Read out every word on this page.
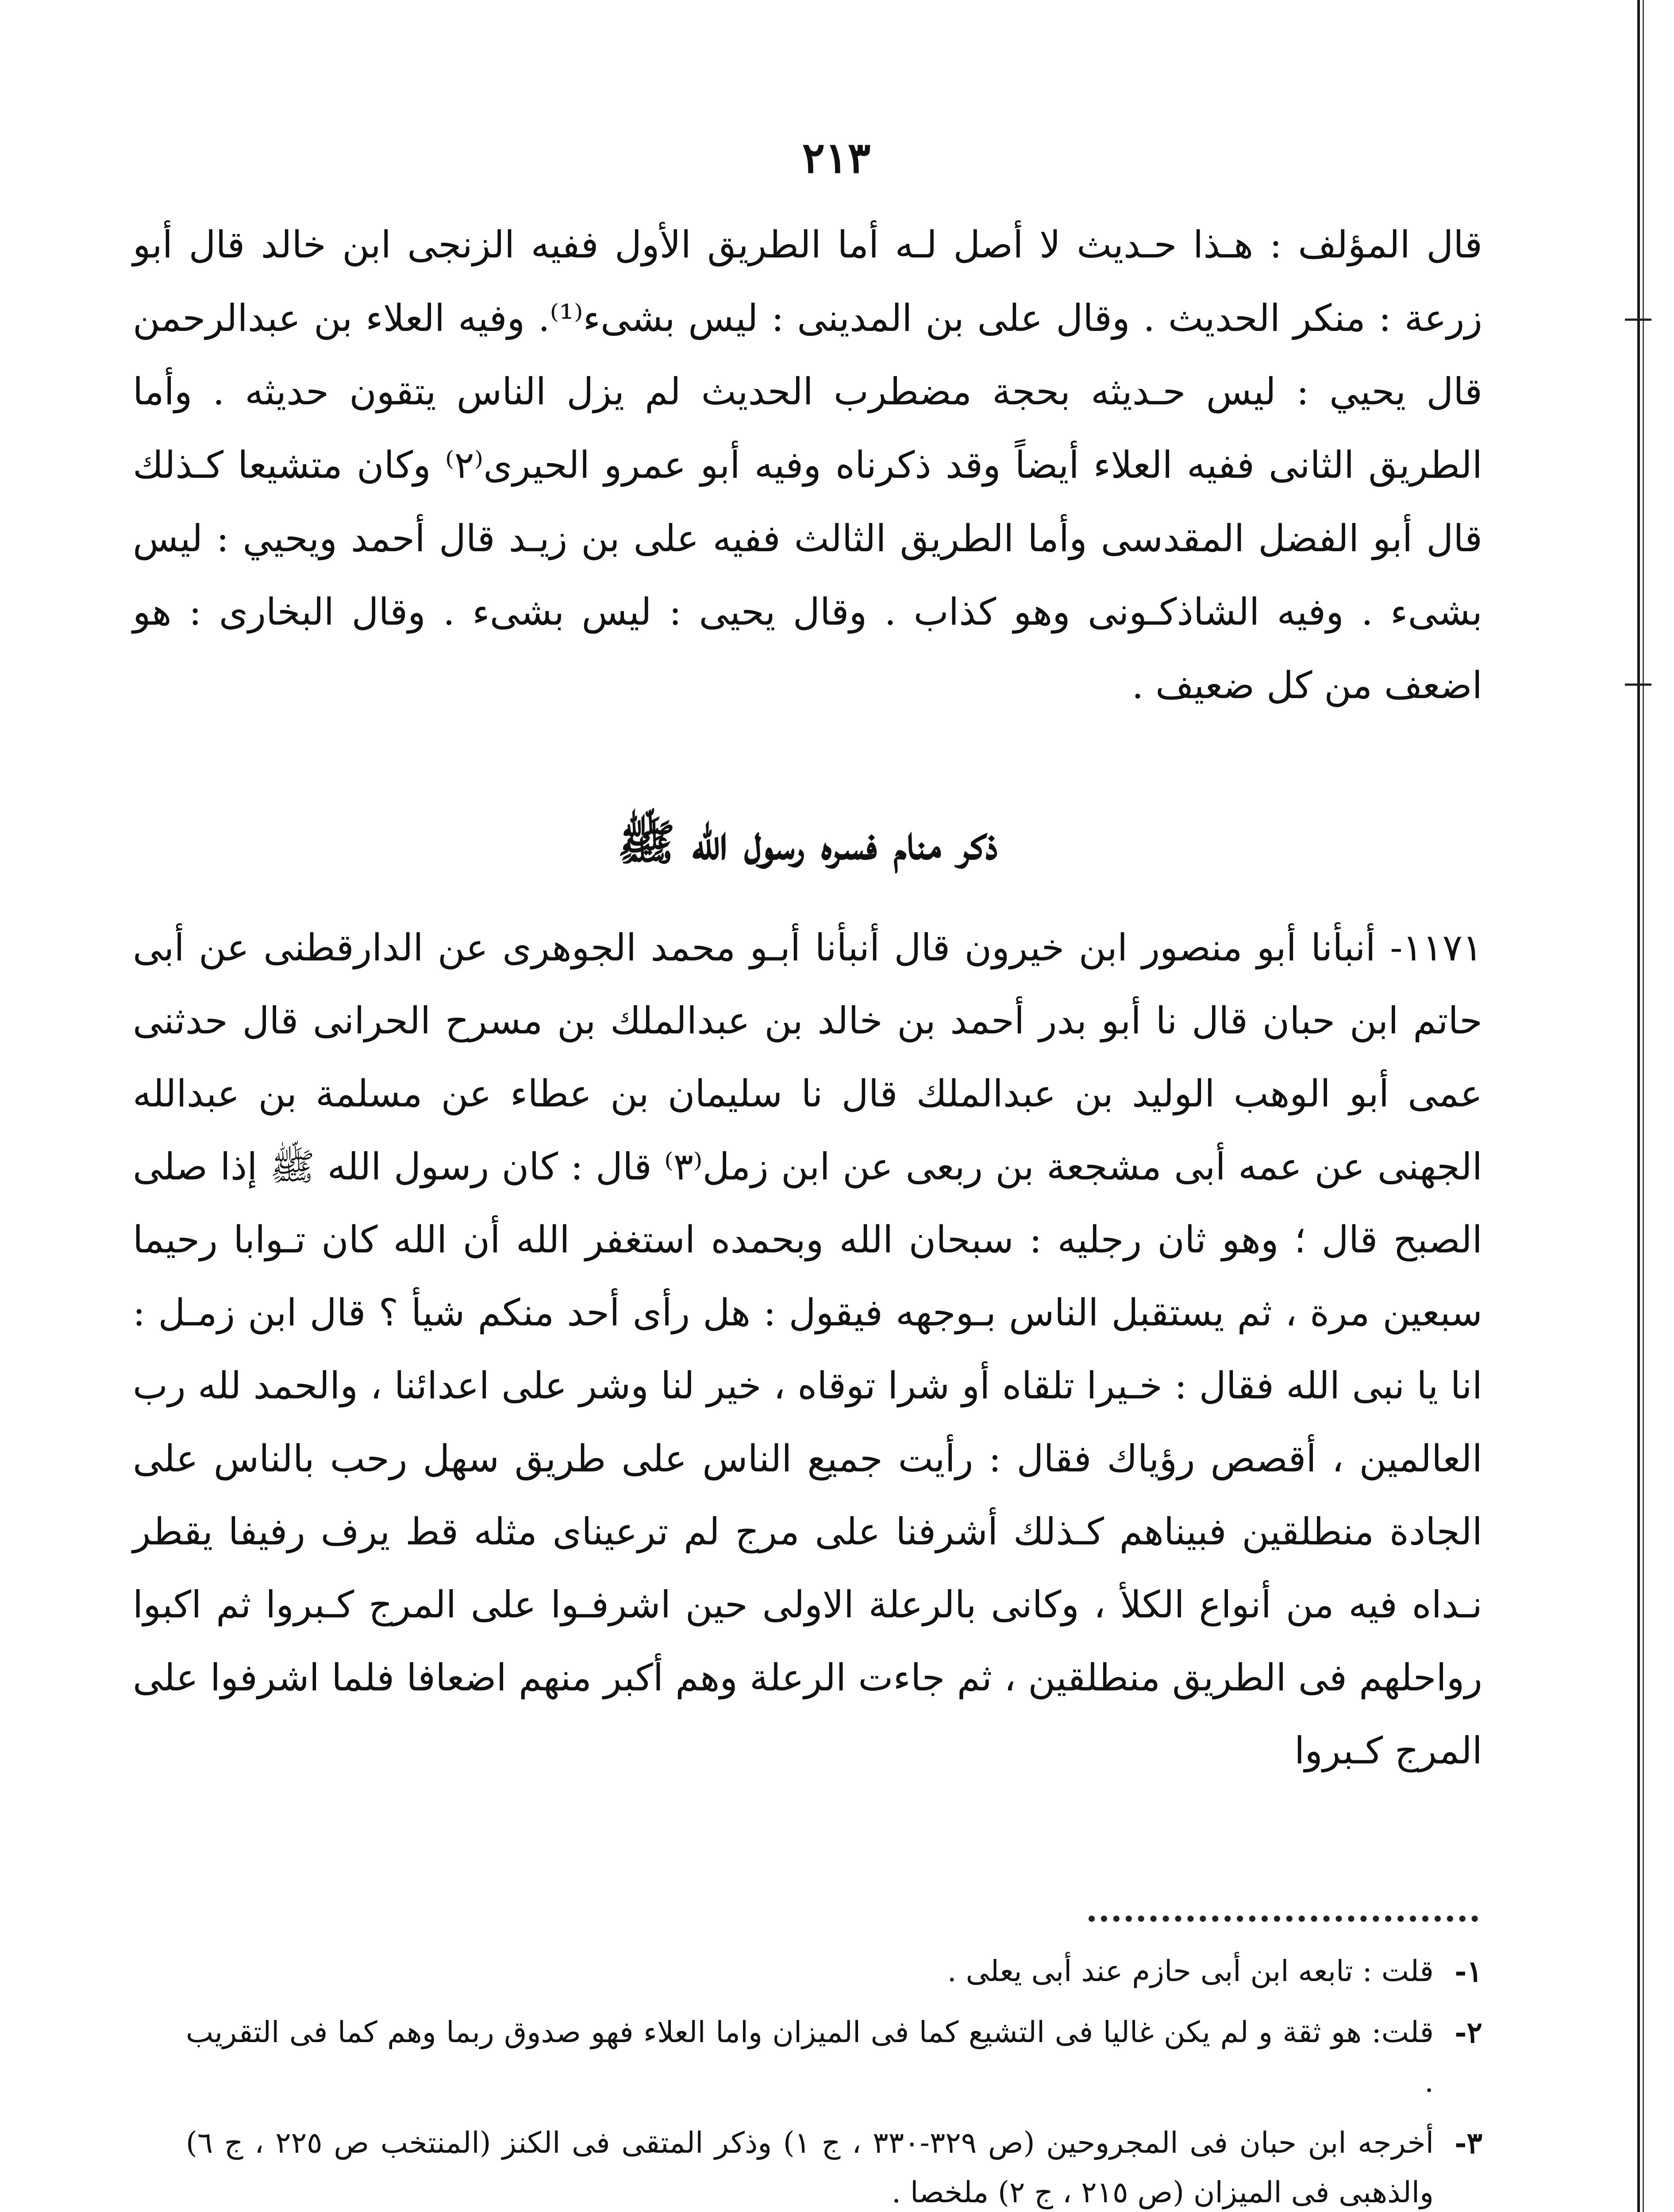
٢١٣

قال المؤلف : هـذا حـديث لا أصل لـه أما الطريق الأول ففيه الزنجى ابن خالد قال أبو زرعة : منكر الحديث . وقال على بن المدينى : ليس بشىء⁽¹⁾. وفيه العلاء بن عبدالرحمن قال يحيي : ليس حـديثه بحجة مضطرب الحديث لم يزل الناس يتقون حديثه . وأما الطريق الثانى ففيه العلاء أيضاً وقد ذكرناه وفيه أبو عمرو الحيرى⁽٢⁾ وكان متشيعا كـذلك قال أبو الفضل المقدسى وأما الطريق الثالث ففيه على بن زيـد قال أحمد ويحيي : ليس بشىء . وفيه الشاذكـونى وهو كذاب . وقال يحيى : ليس بشىء . وقال البخارى : هو اضعف من كل ضعيف .

ذكر منام فسره رسول الله ﷺ

١١٧١- أنبأنا أبو منصور ابن خيرون قال أنبأنا أبـو محمد الجوهرى عن الدارقطنى عن أبى حاتم ابن حبان قال نا أبو بدر أحمد بن خالد بن عبدالملك بن مسرح الحرانى قال حدثنى عمى أبو الوهب الوليد بن عبدالملك قال نا سليمان بن عطاء عن مسلمة بن عبدالله الجهنى عن عمه أبى مشجعة بن ربعى عن ابن زمل⁽٣⁾ قال : كان رسول الله ﷺ إذا صلى الصبح قال ؛ وهو ثان رجليه : سبحان الله وبحمده استغفر الله أن الله كان تـوابا رحيما سبعين مرة ، ثم يستقبل الناس بـوجهه فيقول : هل رأى أحد منكم شيأ ؟ قال ابن زمـل : انا يا نبى الله فقال : خـيرا تلقاه أو شرا توقاه ، خير لنا وشر على اعدائنا ، والحمد لله رب العالمين ، أقصص رؤياك فقال : رأيت جميع الناس على طريق سهل رحب بالناس على الجادة منطلقين فبيناهم كـذلك أشرفنا على مرج لم ترعيناى مثله قط يرف رفيفا يقطر نـداه فيه من أنواع الكلأ ، وكانى بالرعلة الاولى حين اشرفـوا على المرج كـبروا ثم اكبوا رواحلهم فى الطريق منطلقين ، ثم جاءت الرعلة وهم أكبر منهم اضعافا فلما اشرفوا على المرج كـبروا

١-
قلت : تابعه ابن أبى حازم عند أبى يعلى .
٢-
قلت: هو ثقة و لم يكن غاليا فى التشيع كما فى الميزان واما العلاء فهو صدوق ربما وهم كما فى التقريب .
٣-
أخرجه ابن حبان فى المجروحين (ص ٣٢٩-٣٣٠ ، ج ١) وذكر المتقى فى الكنز (المنتخب ص ٢٢٥ ، ج ٦) والذهبى فى الميزان (ص ٢١٥ ، ج ٢) ملخصا .
